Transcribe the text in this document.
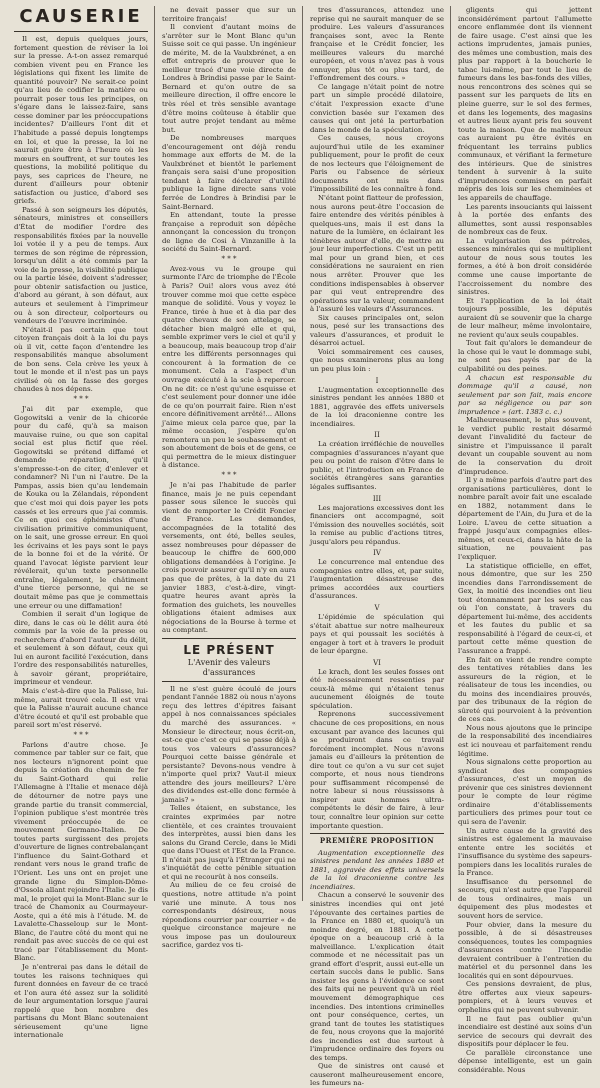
CAUSERIE

Il est, depuis quelques jours, fortement question de réviser la loi sur la presse. A-t-on assez remarqué combien vivent peu en France les législations qui fixent les limite de quantité pouvoir? Ne serait-ce point qu'au lieu de codifier la matière ou pourrait poser tous les principes, on s'égare dans le laissez-faire, sans cesse dominer par les préoccupations incidentes? D'ailleurs l'ont dit et l'habitude a passé depuis longtemps en loi, et que la presse, la loi ne saurait guère être à l'heure où les mœurs en souffrent, et sur toutes les questions, la mobilité politique du pays, ses caprices de l'heure, ne durent d'ailleurs pour obtenir satisfaction ou justice, d'abord ses griefs.

Passé à son seigneurs les députés, sénateurs, ministres et conseillers d'État de modifier l'ordre des responsabilités fixées par la nouvelle loi votée il y a peu de temps. Aux termes de son régime de répression, lorsqu'un délit a été commis par la voie de la presse, la visibilité publique ou la partie lésée, doivent s'adresser, pour obtenir satisfaction ou justice, d'abord au gérant, à son défaut, aux auteurs et seulement à l'imprimeur ou à son directeur, colporteurs ou vendeurs de l'œuvre incriminée.

N'était-il pas certain que tout citoyen français doit à la loi du pays où il vit, cette façon d'entendre les responsabilités manque absolument de bon sens. Cela crève les yeux à tout le monde et il n'est pas un pays civilisé où on la fasse des gorges chaudes à nos dépens.

* * *

J'ai dit par exemple, que Gogowitski a venir de la chicorée pour du café, qu'à sa maison mauvaise ruine, ou que son capital social est plus fictif que réel. Gogowitski se prétend diffamé et demande réparation, qu'il s'empresse-t-on de citer, d'enlever et condamner? Ni l'un ni l'autre. De la Pampas, assis bien qu'au lendemain de Kouka ou la Zélandais, répondent que c'est moi qui dois payer les pots cassés et les erreurs que j'ai commis. Ce en quoi ces éphémistes d'une civilisation primitive communiquent, on le sait, une grosse erreur. En quoi les écrivains et les pays sont le pays de la bonne foi et de la vérité. Or quand l'avocat légiste parvient leur révélerait, qu'un texte personnelle entraîne, légalement, le châtiment d'une tierce personne, qui ne se doutait même pas que je commettais une erreur ou une diffamation!

Combien il serait d'un logique de dire, dans le cas où le délit aura été commis par la voie de la presse ou recherchera d'abord l'auteur du délit, et seulement à son défaut, ceux qui lui en auront facilité l'exécution, dans l'ordre des responsabilités naturelles, à savoir gérant, propriétaire, imprimeur et vendeur.

Mais c'est-à-dire que la Palisse, lui-même, aurait trouvé cela. Il est vrai que la Palisse n'aurait aucune chance d'être écouté et qu'il est probable que pareil sort m'est réservé.

* * *

Parlons d'autre chose. Je commence par tabler sur ce fait, que nos lecteurs n'ignorent point que depuis la création du chemin de fer du Saint-Gothard qui relie l'Allemagne à l'Italie et menace déjà de détourner de notre pays une grande partie du transit commercial, l'opinion publique s'est montrée très vivement préoccupée de ce mouvement Germano-Italien. De toutes parts surgissent des projets d'ouverture de lignes contrebalançant l'influence du Saint-Gothard et rendant vers nous le grand trafic de l'Orient. Les uns ont en projet une grande ligne du Simplon-Dôme-d'Ossola allant rejoindre l'Italie. Je dis mal, le projet qui la Mont-Blanc sur le tracé de Chamonix au Courmayeur-Aoste, qui a été mis à l'étude. M. de Lavalette-Chasseloup sur le Mont-Blanc, de l'autre côté du mont qui ne rendait pas avec succès de ce qui est tracé par l'établissement du Mont-Blanc.

Je n'entrerai pas dans le détail de toutes les raisons techniques qui furent données en faveur de ce tracé et l'on aura été assez sur la solidité de leur argumentation lorsque j'aurai rappelé que bon nombre des partisans du Mont Blanc soutenaient sérieusement qu'une ligne internationale

ne devait passer que sur un territoire français!

Il convient d'autant moins de s'arrêter sur le Mont Blanc qu'un Suisse soit ce qui passe. Un ingénieur de mérite, M. de la Vaulxbrénet, a en effet entrepris de prouver que le meilleur tracé d'une voie directe de Londres à Brindisi passe par le Saint-Bernard et qu'on outre de sa meilleure direction, il offre encore le très réel et très sensible avantage d'être moins coûteuse à établir que tout autre projet tendant au même but.

De nombreuses marques d'encouragement ont déjà rendu hommage aux efforts de M. de la Vaulxbrénet et bientôt le parlement français sera saisi d'une proposition tendant à faire déclarer d'utilité publique la ligne directe sans voie ferrée de Londres à Brindisi par le Saint-Bernard.

En attendant, toute la presse française a reproduit son dépêche annonçant la concession du tronçon de ligne de Cosi à Vinzanille à la société du Saint-Bernard.

* * *

Avez-vous vu le groupe qui surmonte l'Arc de triomphe de l'École à Paris? Oui! alors vous avez été trouver comme moi que cette espèce manque de solidité. Vous y voyez le France, tirée à hue et à dia par des quatre chevaux de son attelage, se détacher bien malgré elle et qui, semble exprimer vers le ciel et qu'il y a beaucoup, mais beaucoup trop d'air entre les différents personnages qui concourent à la formation de ce monument. Cela a l'aspect d'un ouvrage exécuté à la scie à repercer. On ne dit: ce n'est qu'une esquisse et c'est seulement pour donner une idée de ce qu'on pourrait faire. Rien n'est encore définitivement arrêté!... Allons j'aime mieux cela parce que, par la même occasion, j'espère qu'on remontera un peu le soubassement et son aboutement de bois et de gens, ce qui permettra de le mieux distinguer à distance.

* * *

Je n'ai pas l'habitude de parler finance, mais je ne puis cependant passer sous silence le succès qui vient de remporter le Crédit Foncier de France. Les demandes, accompagnées de la totalité des versements, ont été, belles seules, assez nombreuses pour dépasser de beaucoup le chiffre de 600,000 obligations demandées à l'origine. Je crois pouvoir assurer qu'il n'y en aura pas que de prêtes, à la date du 21 janvier 1883, c'est-à-dire, vingt-quatre heures avant après la formation des guichets, les nouvelles obligations étaient admises aux négociations de la Bourse à terme et au comptant.

LE PRÉSENT
L'Avenir des valeurs d'assurances

Il ne s'est guère écoulé de jours pendant l'année 1882 où nous n'ayons reçu des lettres d'épitres faisant appel à nos connaissances spéciales du marché des assurances. « Monsieur le directeur, nous écrit-on, est-ce que c'est ce qui se passe déjà à tous vos valeurs d'assurances? Pourquoi cette baisse générale et persistante? Devons-nous vendre à n'importe quel prix? Vaut-il mieux attendre des jours meilleurs? L'ère des dividendes est-elle donc fermée à jamais? »

Telles étaient, en substance, les craintes exprimées par notre clientèle, et ces craintes trouvaient des interprètes, aussi bien dans les salons du Grand Cercle, dans le Midi que dans l'Ouest et l'Est de la France. Il n'était pas jusqu'à l'Étranger qui ne s'inquiétât de cette pénible situation et qui ne recourût à nos conseils.

Au milieu de ce feu croisé de questions, notre attitude n'a point varié une minute. A tous nos correspondants désireux, nous répondions courrier par courrier « de quelque circonstance majeure ne vous impose pas un douloureux sacrifice, gardez vos ti-

tres d'assurances, attendez une reprise qui ne saurait manquer de se produire. Les valeurs d'assurances françaises sont, avec la Rente française et le Crédit foncier, les meilleures valeurs du marché européen, et vous n'avez pas à vous ennuyer, plus tôt ou plus tard, de l'effondrement des cours. »

Ce langage n'était point de notre part un simple procédé dilatoire, c'était l'expression exacte d'une conviction basée sur l'examen des causes qui ont jeté la perturbation dans le monde de la spéculation.

Ces causes, nous croyons aujourd'hui utile de les examiner publiquement, pour le profit de ceux de nos lecteurs que l'éloignement de Paris ou l'absence de sérieux documents ont mis dans l'impossibilité de les connaître à fond.

N'étant point flatteur de profession, nous aurons peut-être l'occasion de faire entendre des vérités pénibles à quelques-uns, mais il est dans la nature de la lumière, en éclairant les ténèbres autour d'elle, de mettre au jour leur imperfections. C'est un petit mal pour un grand bien, et ces considérations ne sauraient en rien nous arrêter. Prouver que les conditions indispensables à observer par qui veut entreprendre des opérations sur la valeur, commandent à l'assuré les valeurs d'Assurances.

Six causes principales ont, selon nous, pesé sur les transactions des valeurs d'assurances, et produit le désarroi actuel.

Voici sommairement ces causes, que nous examinerons plus au long un peu plus loin :

I

L'augmentation exceptionnelle des sinistres pendant les années 1880 et 1881, aggravée des effets universels de la loi draconienne contre les incendiaires.

II

La création irréfléchie de nouvelles compagnies d'assurances n'ayant que peu ou point de raison d'être dans le public, et l'introduction en France de sociétés étrangères sans garanties légales suffisantes.

III

Les majorations excessives dont les financiers ont accompagné, soit l'émission des nouvelles sociétés, soit la remise au public d'actions titres, jusqu'alors peu répandus.

IV

Le concurrence mal entendue des compagnies entre elles, et, par suite, l'augmentation désastreuse des primes accordées aux courtiers d'assurances.

V

L'épidémie de spéculation qui s'était abattue sur notre malheureux pays et qui poussait les sociétés à engager à tort et à travers le produit de leur épargne.

VI

Le krach, dont les seules fosses ont été nécessairement ressenties par ceux-là même qui n'étaient tenus aucunement éloignés de toute spéculation.

Reprenons successivement chacune de ces propositions, en nous excusant par avance des lacunes qui se produiront dans ce travail forcément incomplet. Nous n'avons jamais eu d'ailleurs la prétention de dire tout ce qu'on a vu sur cet sujet comporte, et nous nous tiendrons pour suffisamment récompensé de notre labeur si nous réussissons à inspirer aux hommes ultra-compétents le désir de faire, à leur tour, connaître leur opinion sur cette importante question.

PREMIÈRE PROPOSITION

Augmentation exceptionnelle des sinistres pendant les années 1880 et 1881, aggravée des effets universels de la loi draconienne contre les incendiaires.

Chacun a conservé le souvenir des sinistres incendies qui ont jeté l'épouvante des certaines parties de la France en 1880 et, quoiqu'à un moindre degré, en 1881. A cette époque on a beaucoup crié à la malveillance. L'explication était commode et ne nécessitait pas un grand effort d'esprit, aussi eut-elle un certain succès dans le public. Sans insister les gens à l'évidence ce sont des faits qui ne peuvent qu'à un réel mouvement démographique ces incendies. Des intentions criminelles ont pour conséquence, certes, un grand tant de toutes les statistiques de feu, nous croyons que la majorité des incendies est due surtout à l'imprudence ordinaire des foyers ou des temps.

Que de sinistres ont causé et causeront malheureusement encore, les fumeurs na-

gligents qui jettent inconsidérément partout l'allumette encore enflammée dont ils viennent de faire usage. C'est ainsi que les actions imprudentes, jamais punies, des mêmes une combustion, mais des plus par rapport à la boucherie le tabac lui-même, par tout le lieu de fumeurs dans les bas-fonds des villes, nous rencontrons des scènes qui se passent sur les parquets de lits en pleine guerre, sur le sol des fermes, et dans les logements, des magasins et autres lieux ayant pris feu souvent toute la maison. Que de malheureux cas auraient pu être évités en fréquentant les terrains publics communaux, et vérifiant la fermeture des intérieurs. Que de sinistres tendent à survenir à la suite d'imprudences commises en parfait mépris des lois sur les cheminées et les appareils de chauffage.

Les parents insouciants qui laissent à la portée des enfants des allumettes, sont aussi responsables de nombreux cas de feux.

La vulgarisation des pétroles, essences minérales qui se multiplient autour de nous sous toutes les formes, a été à bon droit considérée comme une cause importante de l'accroissement du nombre des sinistres.

Et l'application de la loi était toujours possible, les députés auraient dû se souvenir que la charge de leur malheur, même involontaire, ne revient qu'aux seuls coupables.

Tout fait qu'alors le demandeur de la chose qui le vaut le dommage subi, ne sont pas payés par de la culpabilité ou des peines.

A chacun est responsable du dommage qu'il a causé, non seulement par son fait, mais encore par sa négligence ou par son imprudence » (art. 1383 c. c.)

Malheureusement, le plus souvent, le verdict public restait désarmé devant l'invalidité du facteur de sinistre et l'impuissance il paraît devant un coupable souvent au nom de la conservation du droit d'imprudence.

Il y a même parfois d'autre part des organisations particulières, dont le nombre paraît avoir fait une escalade en 1882, notamment dans le département de l'Ain, du Jura et de la Loire. L'aveu de cette situation a frappé jusqu'aux compagnies elles-mêmes, et ceux-ci, dans la hâte de la situation, ne pouvaient pas l'expliquer.

La statistique officielle, en effet, nous démontre, que sur les 250 incendies dans l'arrondissement de Gex, la moitié des incendies ont lieu tout étonnamment par les seuls cas où l'on constate, à travers du département lui-même, des accidents et les fautes du public et sa responsabilité à l'égard de ceux-ci, et partout cette même question de l'assurance a frappé.

En fait on vient de rendre compte des tentatives rétablies dans les assureurs de la région, et le réalisateur de tous les incendies, ou du moins des incendiaires prouvés, par des tribunaux de la région de sûreté qui pourvoient à la prévention de ces cas.

Nous nous ajoutons que le principe de la responsabilité des incendiaires est ici nouveau et parfaitement rendu légitime.

Nous signalons cette proportion au syndicat des compagnies d'assurances, c'est un moyen de prévenir que ces sinistres deviennent pour le compte de leur régime ordinaire d'établissements particuliers des primes pour tout ce qui sera de l'avenir.

Un autre cause de la gravité des sinistres est également la mauvaise entente entre les sociétés et l'insuffisance du système des sapeurs-pompiers dans les localités rurales de la France.

Insuffisance du personnel de secours, qui n'est autre que l'appareil de tous ordinaires, mais un équipement des plus modestes et souvent hors de service.

Pour obvier, dans la mesure du possible, à de si désastreuses conséquences, toutes les compagnies d'assurances contre l'incendie devraient contribuer à l'entretien du matériel et du personnel dans les localités qui en sont dépourvues.

Ces pensions devraient, de plus, être offertes aux vieux sapeurs-pompiers, et à leurs veuves et orphelins qui ne peuvent subvenir.

Il ne faut pas oublier qu'un incendiaire est destiné aux soins d'un service de secours qui devrait des dispositifs pour déplacer le feu.

Ce parallèle circonstance une dépense intelligente, est un gain considérable. Nous
